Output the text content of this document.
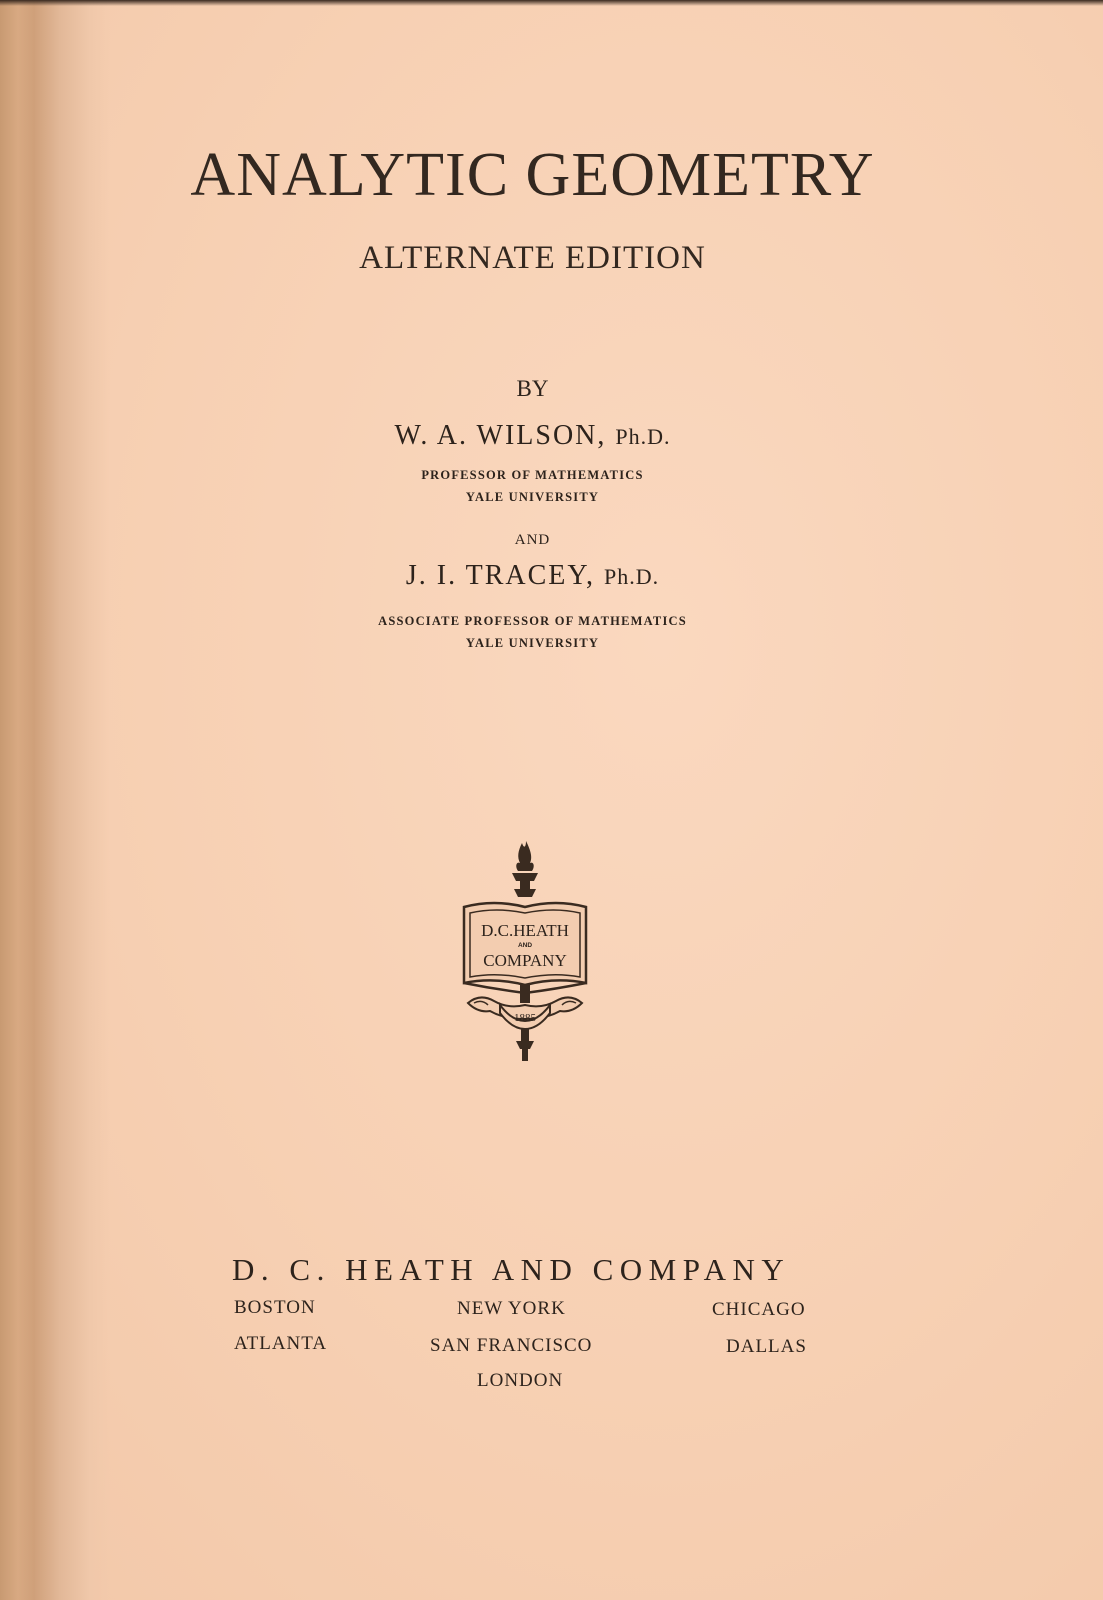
ANALYTIC GEOMETRY
ALTERNATE EDITION
BY
W. A. WILSON, Ph.D.
PROFESSOR OF MATHEMATICS
YALE UNIVERSITY
AND
J. I. TRACEY, Ph.D.
ASSOCIATE PROFESSOR OF MATHEMATICS
YALE UNIVERSITY
D.C.HEATH
AND
COMPANY
1885
D. C. HEATH AND COMPANY
BOSTON	NEW YORK	CHICAGO
ATLANTA	SAN FRANCISCO	DALLAS
LONDON
